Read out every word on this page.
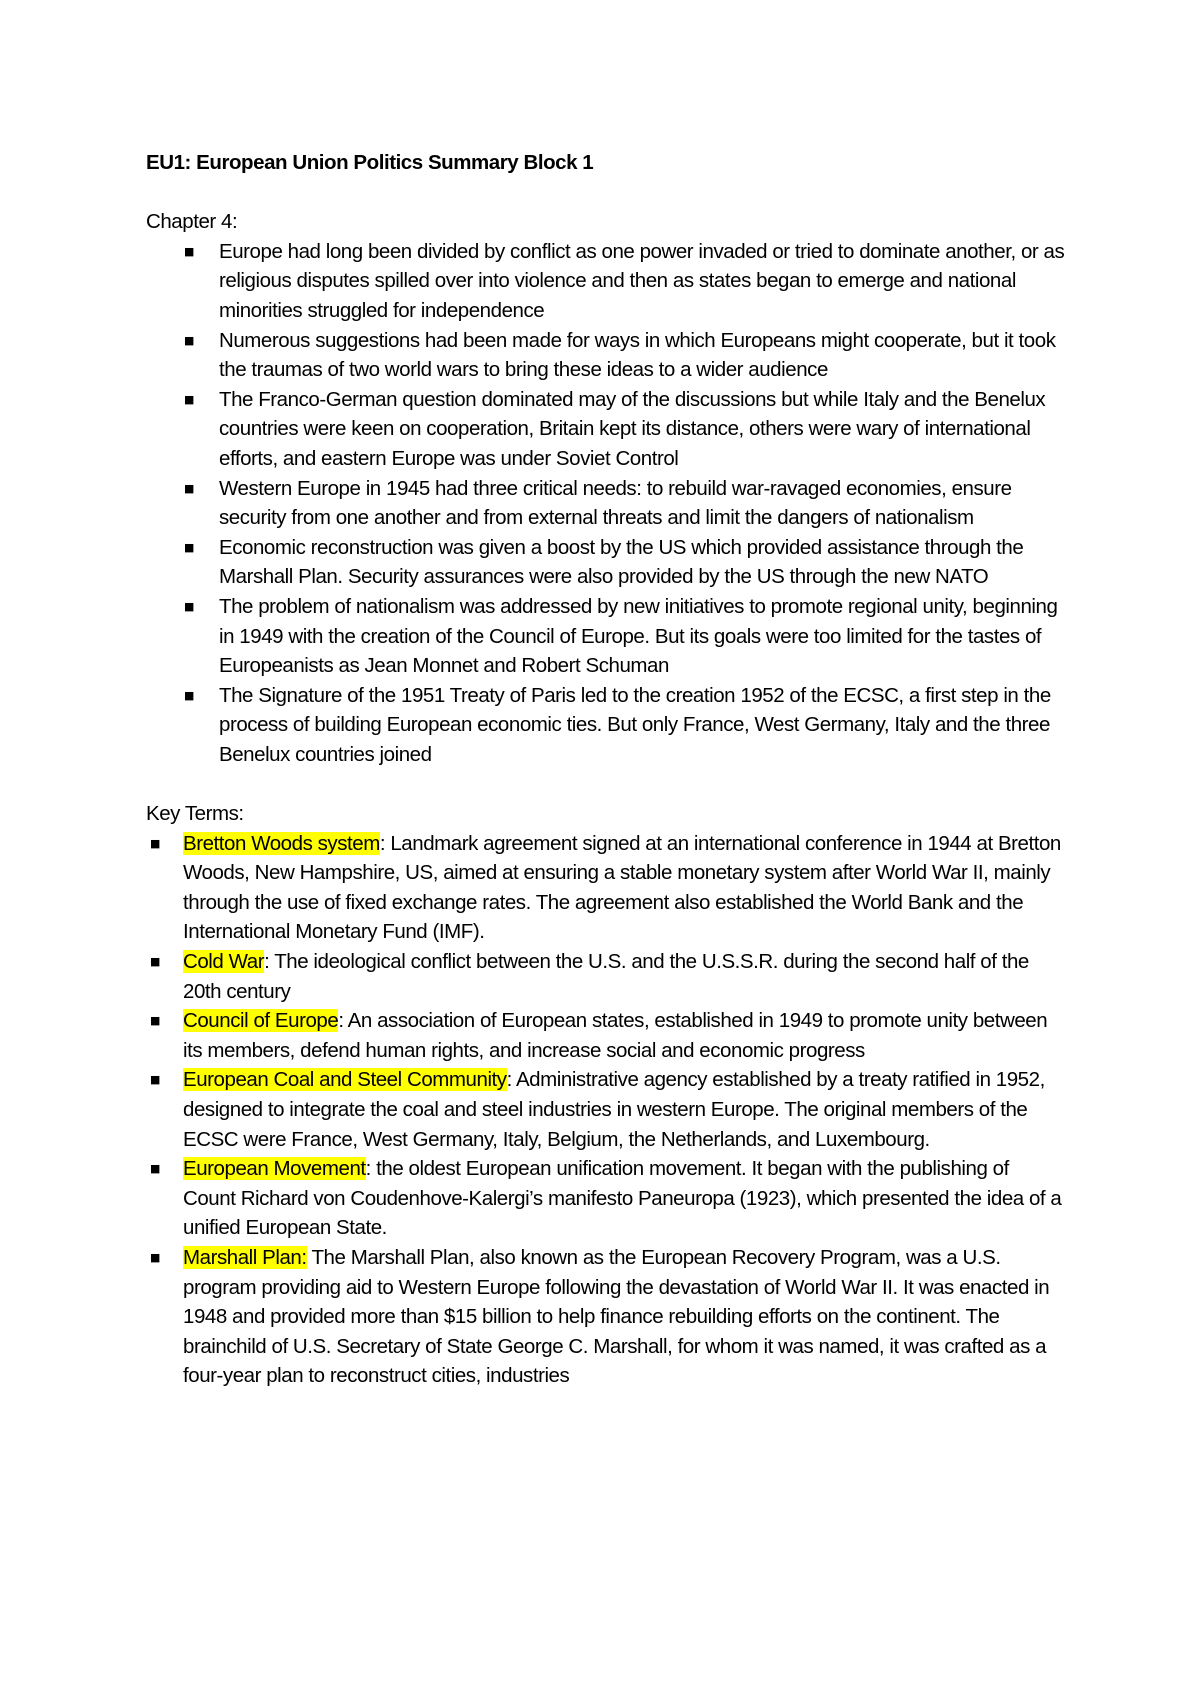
EU1: European Union Politics Summary Block 1
Chapter 4:
■ Europe had long been divided by conflict as one power invaded or tried to dominate another, or as religious disputes spilled over into violence and then as states began to emerge and national minorities struggled for independence
■ Numerous suggestions had been made for ways in which Europeans might cooperate, but it took the traumas of two world wars to bring these ideas to a wider audience
■ The Franco-German question dominated may of the discussions but while Italy and the Benelux countries were keen on cooperation, Britain kept its distance, others were wary of international efforts, and eastern Europe was under Soviet Control
■ Western Europe in 1945 had three critical needs: to rebuild war-ravaged economies, ensure security from one another and from external threats and limit the dangers of nationalism
■ Economic reconstruction was given a boost by the US which provided assistance through the Marshall Plan. Security assurances were also provided by the US through the new NATO
■ The problem of nationalism was addressed by new initiatives to promote regional unity, beginning in 1949 with the creation of the Council of Europe. But its goals were too limited for the tastes of Europeanists as Jean Monnet and Robert Schuman
■ The Signature of the 1951 Treaty of Paris led to the creation 1952 of the ECSC, a first step in the process of building European economic ties. But only France, West Germany, Italy and the three Benelux countries joined
Key Terms:
■ Bretton Woods system: Landmark agreement signed at an international conference in 1944 at Bretton Woods, New Hampshire, US, aimed at ensuring a stable monetary system after World War II, mainly through the use of fixed exchange rates. The agreement also established the World Bank and the International Monetary Fund (IMF).
■ Cold War: The ideological conflict between the U.S. and the U.S.S.R. during the second half of the 20th century
■ Council of Europe: An association of European states, established in 1949 to promote unity between its members, defend human rights, and increase social and economic progress
■ European Coal and Steel Community: Administrative agency established by a treaty ratified in 1952, designed to integrate the coal and steel industries in western Europe. The original members of the ECSC were France, West Germany, Italy, Belgium, the Netherlands, and Luxembourg.
■ European Movement: the oldest European unification movement. It began with the publishing of Count Richard von Coudenhove-Kalergi’s manifesto Paneuropa (1923), which presented the idea of a unified European State.
■ Marshall Plan: The Marshall Plan, also known as the European Recovery Program, was a U.S. program providing aid to Western Europe following the devastation of World War II. It was enacted in 1948 and provided more than $15 billion to help finance rebuilding efforts on the continent. The brainchild of U.S. Secretary of State George C. Marshall, for whom it was named, it was crafted as a four-year plan to reconstruct cities, industries
